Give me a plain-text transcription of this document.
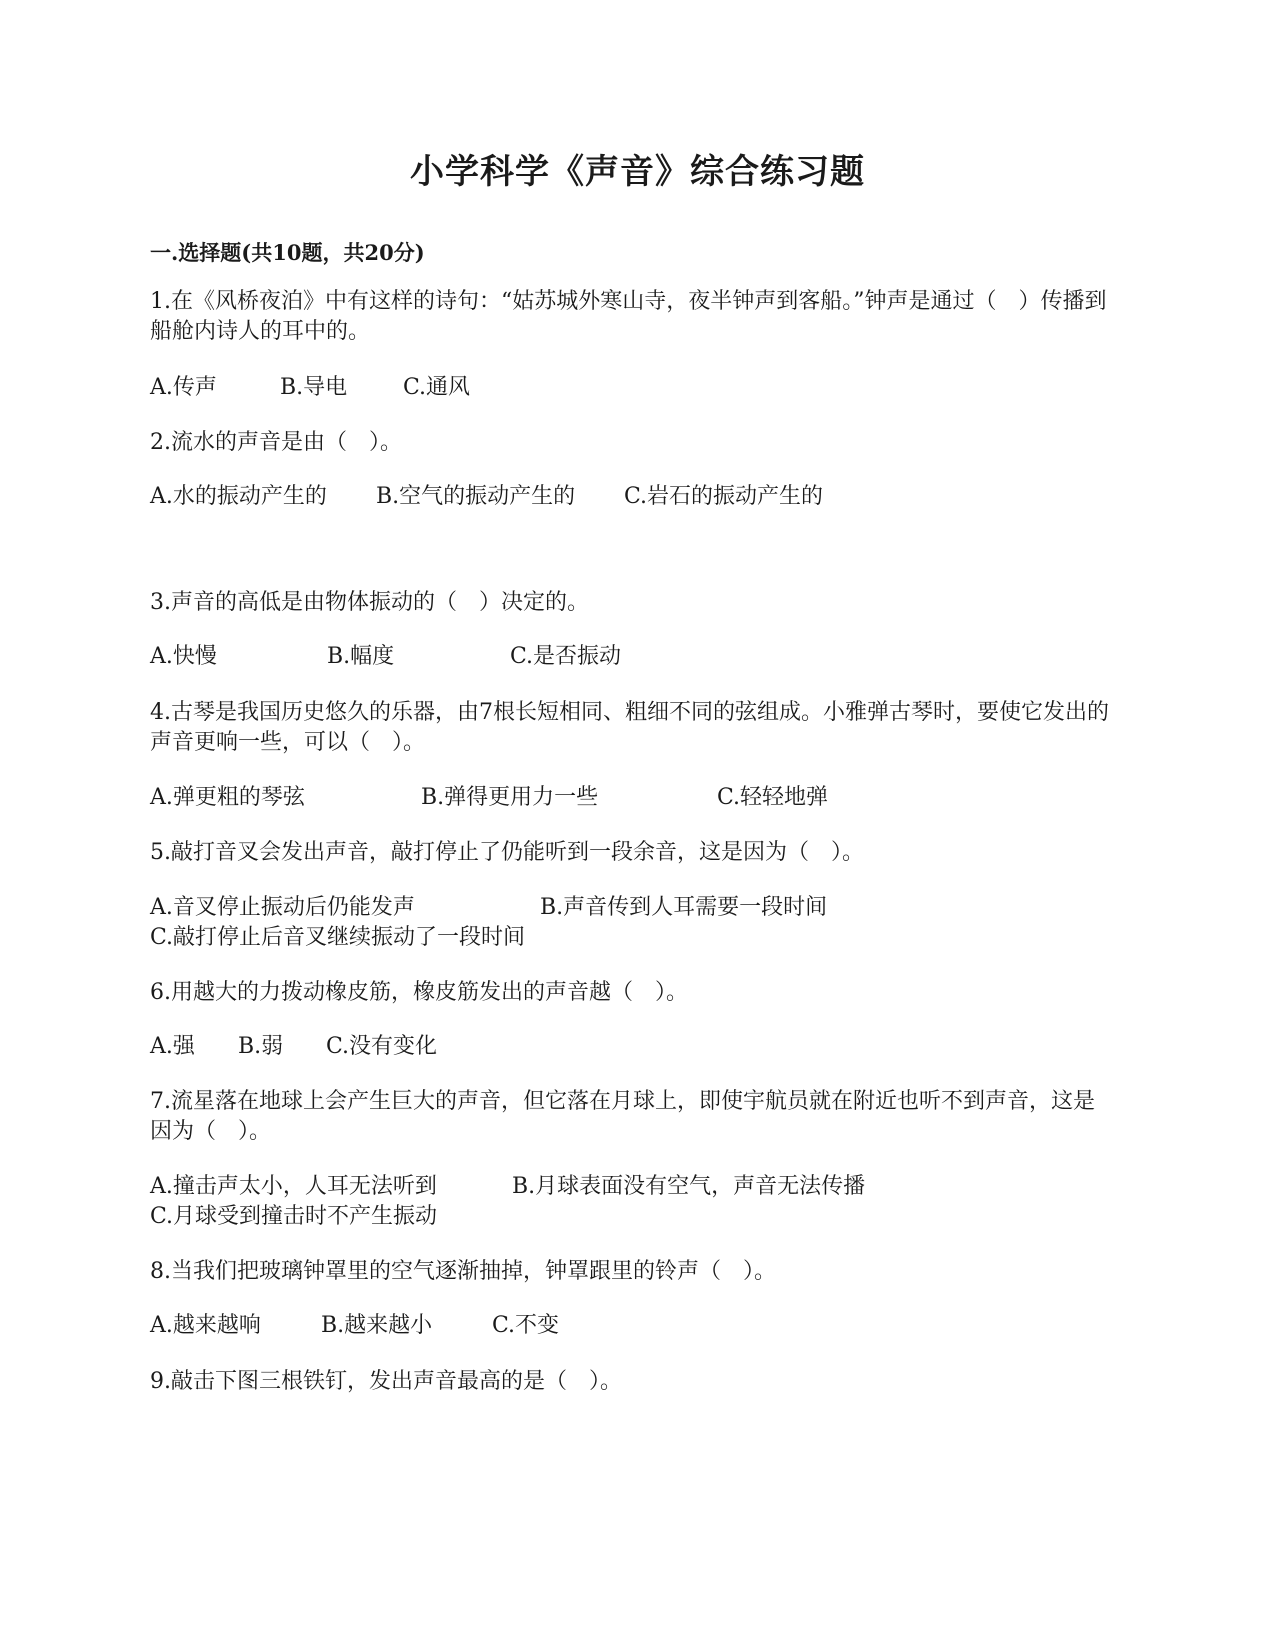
小学科学《声音》综合练习题
一.选择题(共10题，共20分)
1.在《风桥夜泊》中有这样的诗句：“姑苏城外寒山寺，夜半钟声到客船。”钟声是通过（　）传播到船舱内诗人的耳中的。
A.传声	B.导电	C.通风
2.流水的声音是由（　）。
A.水的振动产生的 B.空气的振动产生的 C.岩石的振动产生的
3.声音的高低是由物体振动的（　）决定的。
A.快慢	B.幅度	C.是否振动
4.古琴是我国历史悠久的乐器，由7根长短相同、粗细不同的弦组成。小雅弹古琴时，要使它发出的声音更响一些，可以（　）。
A.弹更粗的琴弦	B.弹得更用力一些	C.轻轻地弹
5.敲打音叉会发出声音，敲打停止了仍能听到一段余音，这是因为（　）。
A.音叉停止振动后仍能发声	B.声音传到人耳需要一段时间C.敲打停止后音叉继续振动了一段时间
6.用越大的力拨动橡皮筋，橡皮筋发出的声音越（　）。
A.强 B.弱 C.没有变化
7.流星落在地球上会产生巨大的声音，但它落在月球上，即使宇航员就在附近也听不到声音，这是因为（　）。
A.撞击声太小，人耳无法听到	B.月球表面没有空气，声音无法传播C.月球受到撞击时不产生振动
8.当我们把玻璃钟罩里的空气逐渐抽掉，钟罩跟里的铃声（　）。
A.越来越响	B.越来越小	C.不变
9.敲击下图三根铁钉，发出声音最高的是（　）。
